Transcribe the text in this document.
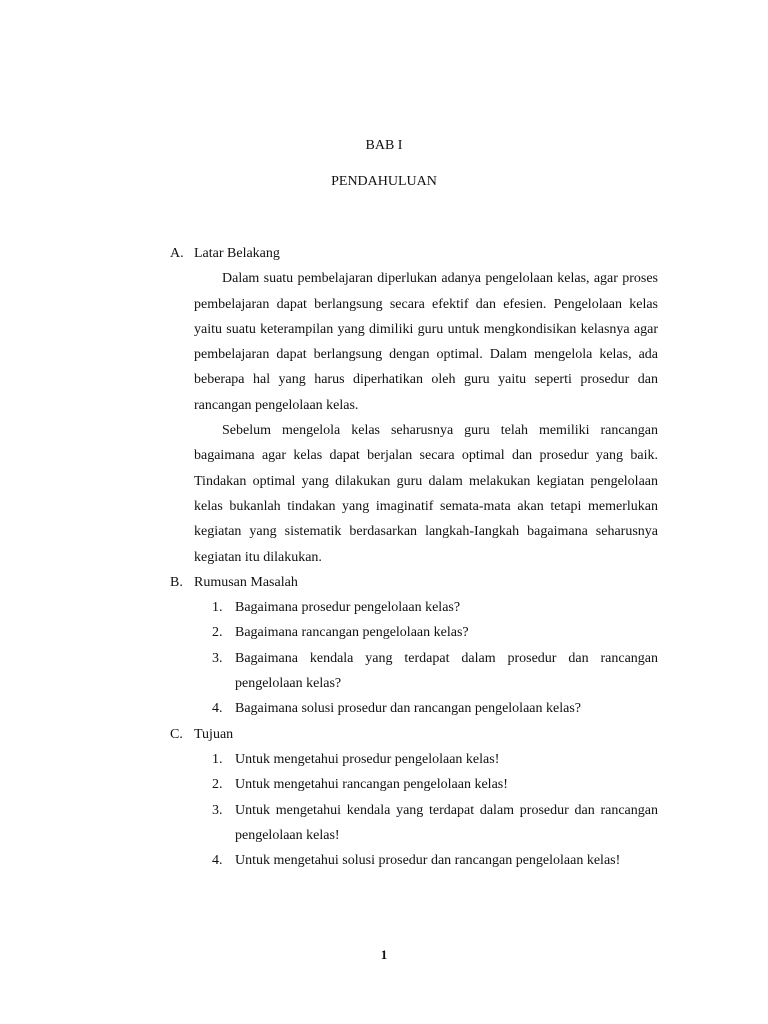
BAB I
PENDAHULUAN
A. Latar Belakang

Dalam suatu pembelajaran diperlukan adanya pengelolaan kelas, agar proses pembelajaran dapat berlangsung secara efektif dan efesien. Pengelolaan kelas yaitu suatu keterampilan yang dimiliki guru untuk mengkondisikan kelasnya agar pembelajaran dapat berlangsung dengan optimal. Dalam mengelola kelas, ada beberapa hal yang harus diperhatikan oleh guru yaitu seperti prosedur dan rancangan pengelolaan kelas.

Sebelum mengelola kelas seharusnya guru telah memiliki rancangan bagaimana agar kelas dapat berjalan secara optimal dan prosedur yang baik. Tindakan optimal yang dilakukan guru dalam melakukan kegiatan pengelolaan kelas bukanlah tindakan yang imaginatif semata-mata akan tetapi memerlukan kegiatan yang sistematik berdasarkan langkah-Iangkah bagaimana seharusnya kegiatan itu dilakukan.

B. Rumusan Masalah
1. Bagaimana prosedur pengelolaan kelas?
2. Bagaimana rancangan pengelolaan kelas?
3. Bagaimana kendala yang terdapat dalam prosedur dan rancangan pengelolaan kelas?
4. Bagaimana solusi prosedur dan rancangan pengelolaan kelas?
C. Tujuan
1. Untuk mengetahui prosedur pengelolaan kelas!
2. Untuk mengetahui rancangan pengelolaan kelas!
3. Untuk mengetahui kendala yang terdapat dalam prosedur dan rancangan pengelolaan kelas!
4. Untuk mengetahui solusi prosedur dan rancangan pengelolaan kelas!
1
